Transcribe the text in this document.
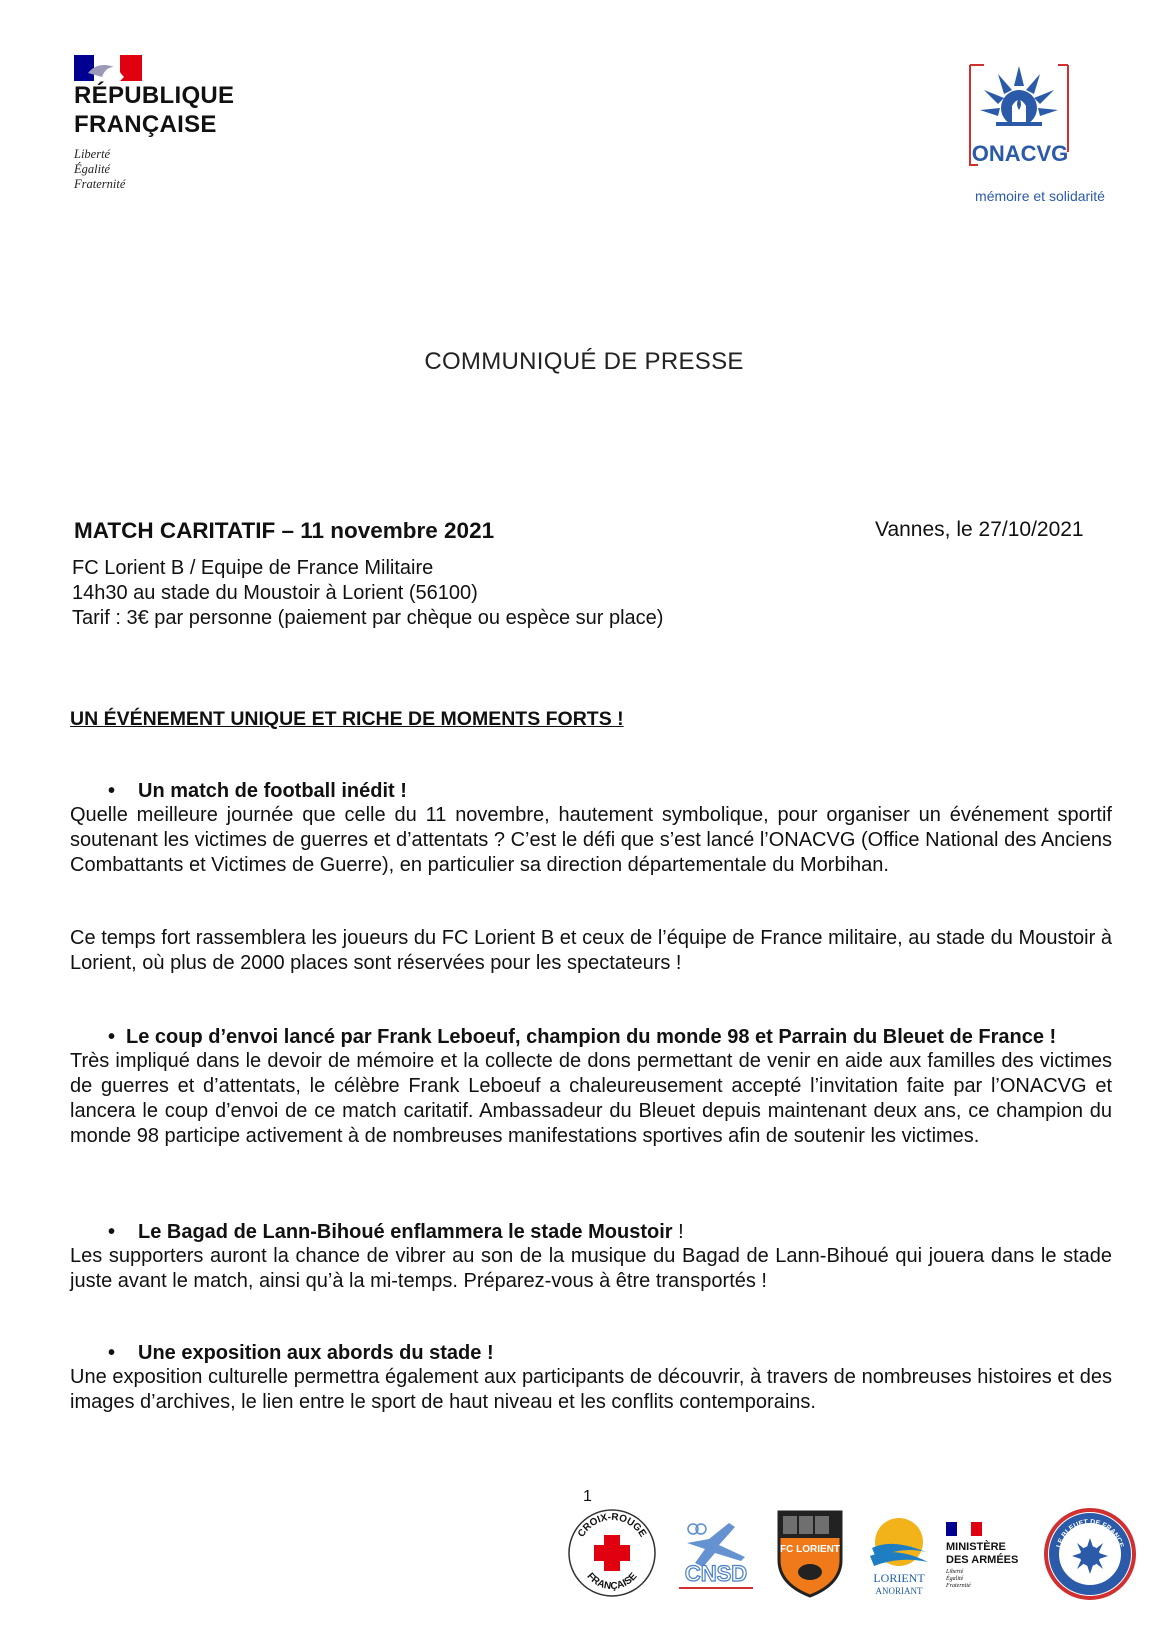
RÉPUBLIQUE
FRANÇAISE
Liberté
Égalité
Fraternité
ONACVG
mémoire et solidarité
COMMUNIQUÉ DE PRESSE
MATCH CARITATIF – 11 novembre 2021	Vannes, le 27/10/2021
FC Lorient B / Equipe de France Militaire
14h30 au stade du Moustoir à Lorient (56100)
Tarif : 3€ par personne (paiement par chèque ou espèce sur place)
UN ÉVÉNEMENT UNIQUE ET RICHE DE MOMENTS FORTS !
• Un match de football inédit !
Quelle meilleure journée que celle du 11 novembre, hautement symbolique, pour organiser un événement sportif soutenant les victimes de guerres et d’attentats ? C’est le défi que s’est lancé l’ONACVG (Office National des Anciens Combattants et Victimes de Guerre), en particulier sa direction départementale du Morbihan.
Ce temps fort rassemblera les joueurs du FC Lorient B et ceux de l’équipe de France militaire, au stade du Moustoir à Lorient, où plus de 2000 places sont réservées pour les spectateurs !
• Le coup d’envoi lancé par Frank Leboeuf, champion du monde 98 et Parrain du Bleuet de France !
Très impliqué dans le devoir de mémoire et la collecte de dons permettant de venir en aide aux familles des victimes de guerres et d’attentats, le célèbre Frank Leboeuf a chaleureusement accepté l’invitation faite par l’ONACVG et lancera le coup d’envoi de ce match caritatif. Ambassadeur du Bleuet depuis maintenant deux ans, ce champion du monde 98 participe activement à de nombreuses manifestations sportives afin de soutenir les victimes.
• Le Bagad de Lann-Bihoué enflammera le stade Moustoir !
Les supporters auront la chance de vibrer au son de la musique du Bagad de Lann-Bihoué qui jouera dans le stade juste avant le match, ainsi qu’à la mi-temps. Préparez-vous à être transportés !
• Une exposition aux abords du stade !
Une exposition culturelle permettra également aux participants de découvrir, à travers de nombreuses histoires et des images d’archives, le lien entre le sport de haut niveau et les conflits contemporains.
1
CROIX-ROUGE
FRANÇAISE CNSD
FC LORIENT
LORIENT
ANORIANT
MINISTÈRE
DES ARMÉES
Liberté
Égalité
Fraternité
LE BLEUET DE FRANCE
